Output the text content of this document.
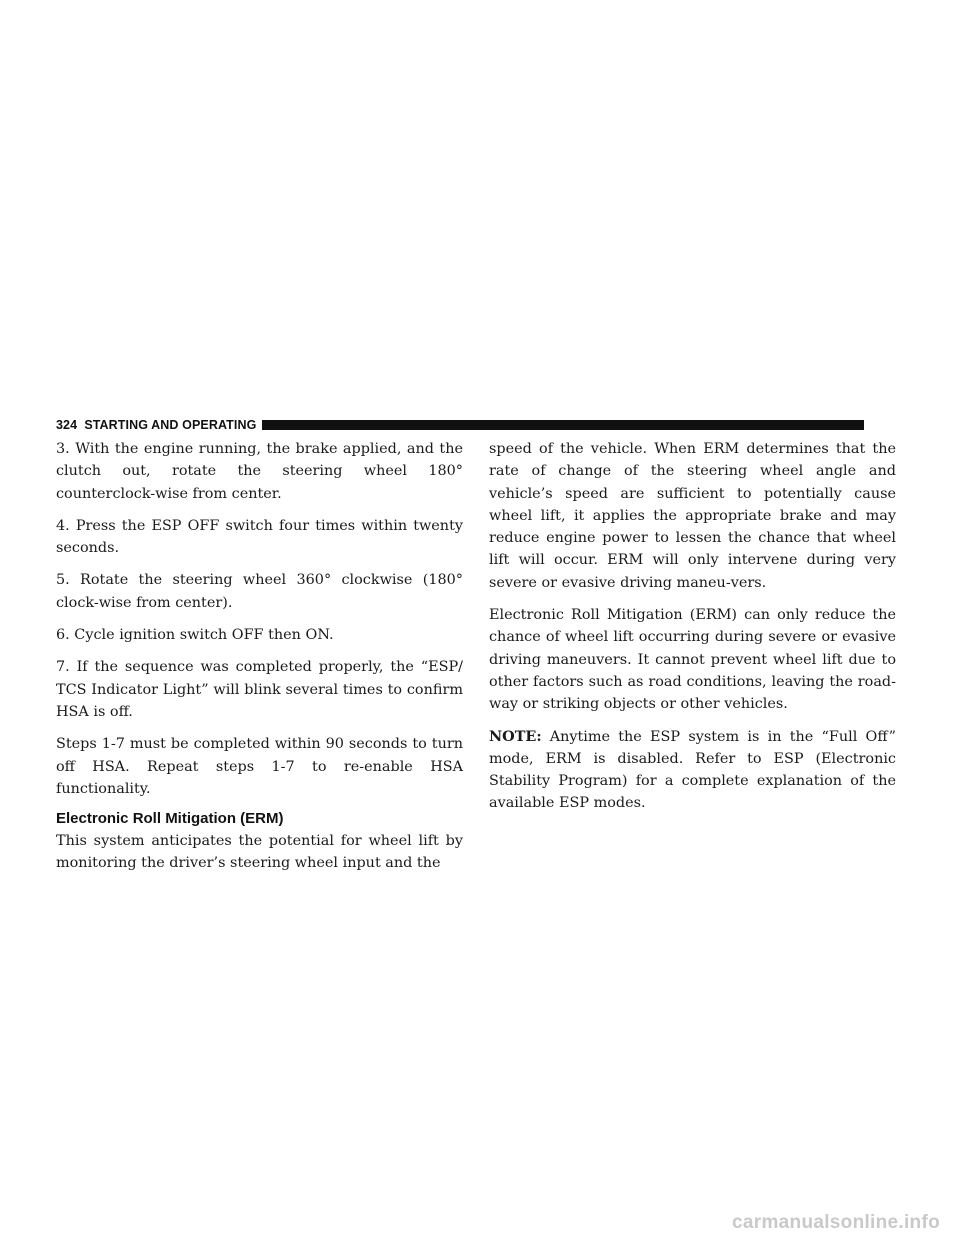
324 STARTING AND OPERATING

3. With the engine running, the brake applied, and the clutch out, rotate the steering wheel 180° counterclock-wise from center.

4. Press the ESP OFF switch four times within twenty seconds.

5. Rotate the steering wheel 360° clockwise (180° clock-wise from center).

6. Cycle ignition switch OFF then ON.

7. If the sequence was completed properly, the “ESP/ TCS Indicator Light” will blink several times to confirm HSA is off.

Steps 1-7 must be completed within 90 seconds to turn off HSA. Repeat steps 1-7 to re-enable HSA functionality.

Electronic Roll Mitigation (ERM)

This system anticipates the potential for wheel lift by monitoring the driver’s steering wheel input and the

speed of the vehicle. When ERM determines that the rate of change of the steering wheel angle and vehicle’s speed are sufficient to potentially cause wheel lift, it applies the appropriate brake and may reduce engine power to lessen the chance that wheel lift will occur. ERM will only intervene during very severe or evasive driving maneu-vers.

Electronic Roll Mitigation (ERM) can only reduce the chance of wheel lift occurring during severe or evasive driving maneuvers. It cannot prevent wheel lift due to other factors such as road conditions, leaving the road-way or striking objects or other vehicles.

NOTE: Anytime the ESP system is in the “Full Off” mode, ERM is disabled. Refer to ESP (Electronic Stability Program) for a complete explanation of the available ESP modes.

carmanualsonline.info
